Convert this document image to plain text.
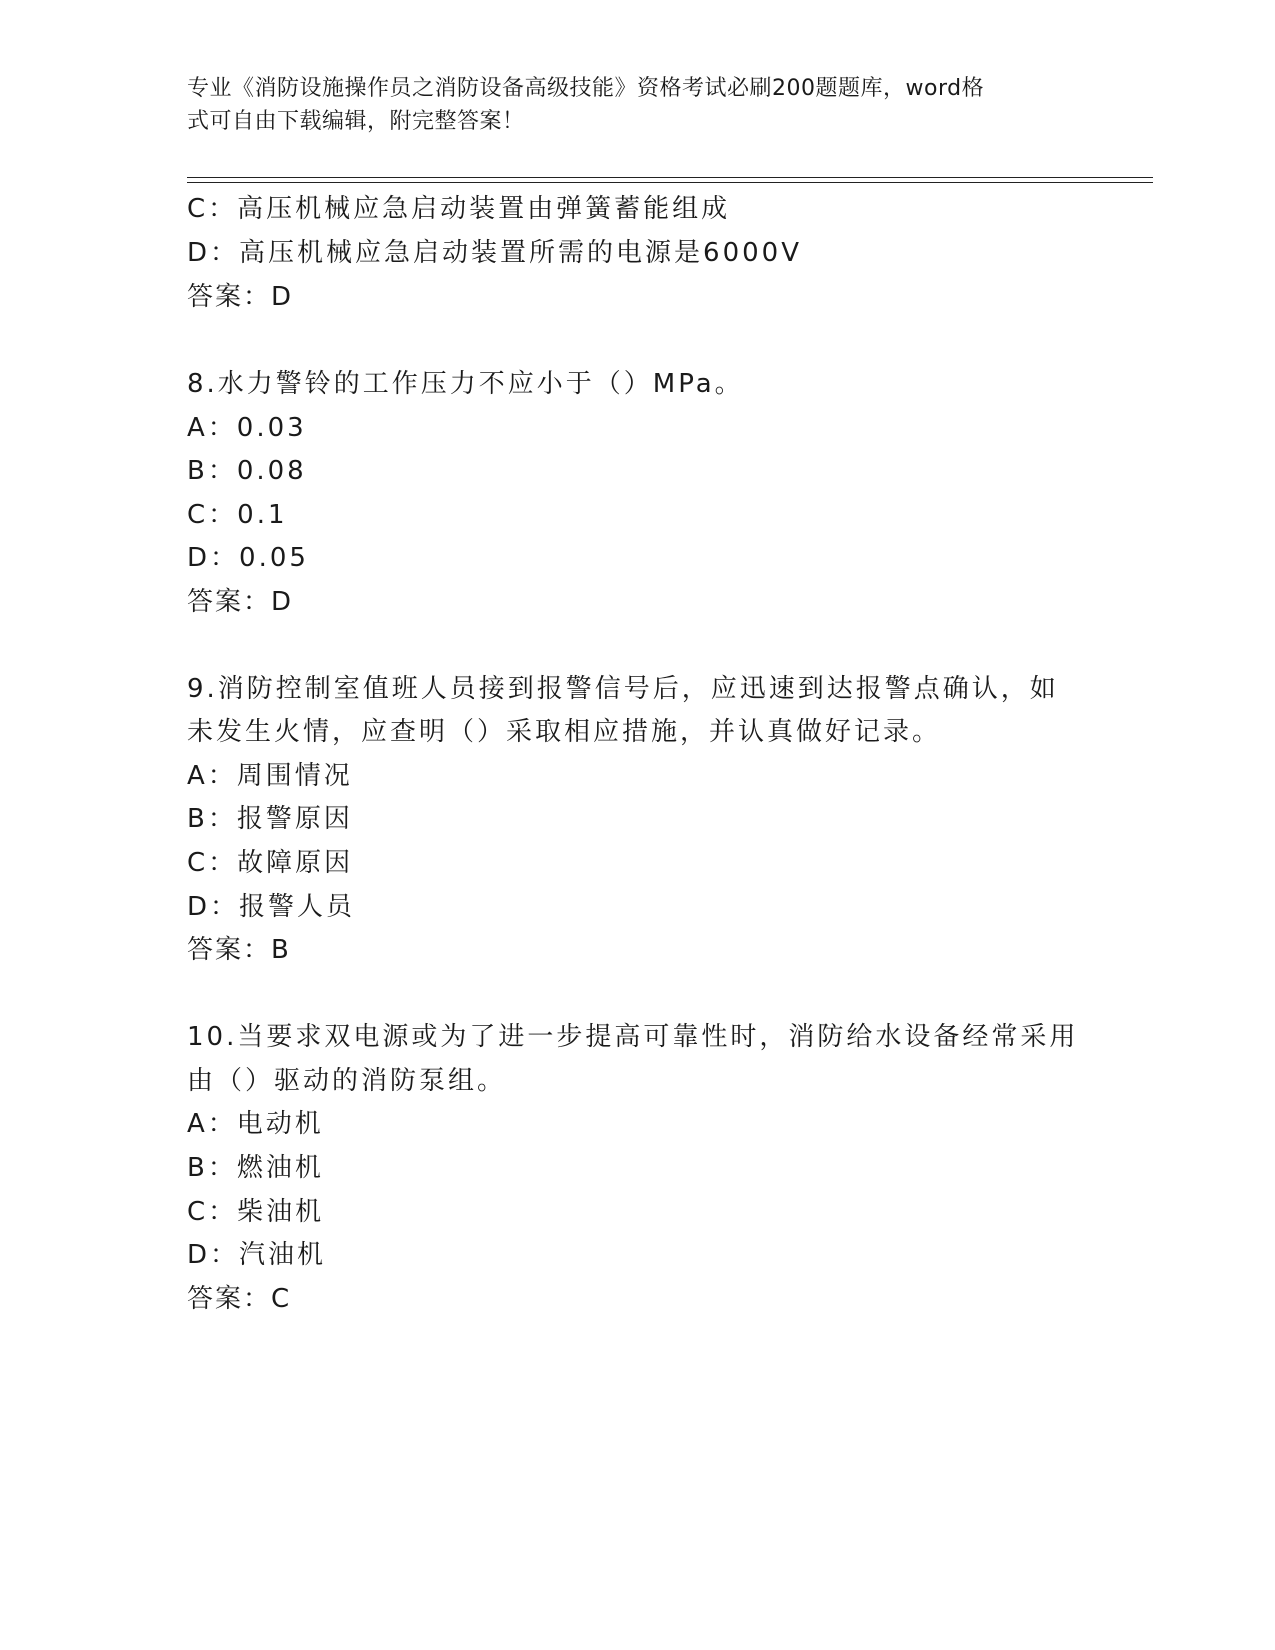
专业《消防设施操作员之消防设备高级技能》资格考试必刷200题题库，word格
式可自由下载编辑，附完整答案！
C：高压机械应急启动装置由弹簧蓄能组成
D：高压机械应急启动装置所需的电源是6000V
答案：D
8.水力警铃的工作压力不应小于（）MPa。
A：0.03
B：0.08
C：0.1
D：0.05
答案：D
9.消防控制室值班人员接到报警信号后，应迅速到达报警点确认，如
未发生火情，应查明（）采取相应措施，并认真做好记录。
A：周围情况
B：报警原因
C：故障原因
D：报警人员
答案：B
10.当要求双电源或为了进一步提高可靠性时，消防给水设备经常采用
由（）驱动的消防泵组。
A：电动机
B：燃油机
C：柴油机
D：汽油机
答案：C
